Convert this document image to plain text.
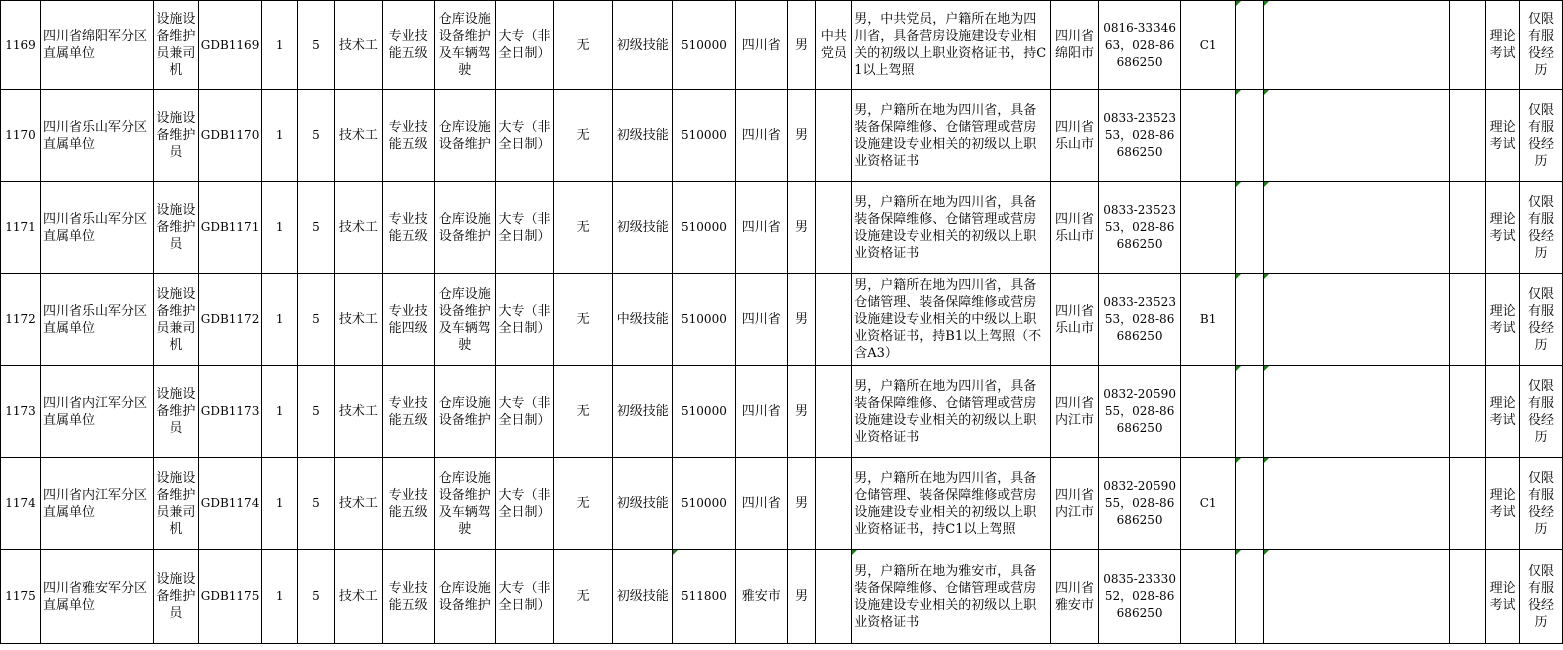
1169	四川省绵阳军分区直属单位	设施设备维护员兼司机	GDB1169	1	5	技术工	专业技能五级	仓库设施设备维护及车辆驾驶	大专（非全日制）	无	初级技能	510000	四川省	男	中共党员	男，中共党员，户籍所在地为四川省，具备营房设施建设专业相关的初级以上职业资格证书，持C1以上驾照	四川省绵阳市	0816-3334663，028-86686250	C1				理论考试	仅限有服役经历
1170	四川省乐山军分区直属单位	设施设备维护员	GDB1170	1	5	技术工	专业技能五级	仓库设施设备维护	大专（非全日制）	无	初级技能	510000	四川省	男		男，户籍所在地为四川省，具备装备保障维修、仓储管理或营房设施建设专业相关的初级以上职业资格证书	四川省乐山市	0833-2352353，028-86686250					理论考试	仅限有服役经历
1171	四川省乐山军分区直属单位	设施设备维护员	GDB1171	1	5	技术工	专业技能五级	仓库设施设备维护	大专（非全日制）	无	初级技能	510000	四川省	男		男，户籍所在地为四川省，具备装备保障维修、仓储管理或营房设施建设专业相关的初级以上职业资格证书	四川省乐山市	0833-2352353，028-86686250					理论考试	仅限有服役经历
1172	四川省乐山军分区直属单位	设施设备维护员兼司机	GDB1172	1	5	技术工	专业技能四级	仓库设施设备维护及车辆驾驶	大专（非全日制）	无	中级技能	510000	四川省	男		男，户籍所在地为四川省，具备仓储管理、装备保障维修或营房设施建设专业相关的中级以上职业资格证书，持B1以上驾照（不含A3）	四川省乐山市	0833-2352353，028-86686250	B1				理论考试	仅限有服役经历
1173	四川省内江军分区直属单位	设施设备维护员	GDB1173	1	5	技术工	专业技能五级	仓库设施设备维护	大专（非全日制）	无	初级技能	510000	四川省	男		男，户籍所在地为四川省，具备装备保障维修、仓储管理或营房设施建设专业相关的初级以上职业资格证书	四川省内江市	0832-2059055，028-86686250					理论考试	仅限有服役经历
1174	四川省内江军分区直属单位	设施设备维护员兼司机	GDB1174	1	5	技术工	专业技能五级	仓库设施设备维护及车辆驾驶	大专（非全日制）	无	初级技能	510000	四川省	男		男，户籍所在地为四川省，具备仓储管理、装备保障维修或营房设施建设专业相关的初级以上职业资格证书，持C1以上驾照	四川省内江市	0832-2059055，028-86686250	C1				理论考试	仅限有服役经历
1175	四川省雅安军分区直属单位	设施设备维护员	GDB1175	1	5	技术工	专业技能五级	仓库设施设备维护	大专（非全日制）	无	初级技能	511800	雅安市	男		男，户籍所在地为雅安市，具备装备保障维修、仓储管理或营房设施建设专业相关的初级以上职业资格证书	四川省雅安市	0835-2333052，028-86686250					理论考试	仅限有服役经历
